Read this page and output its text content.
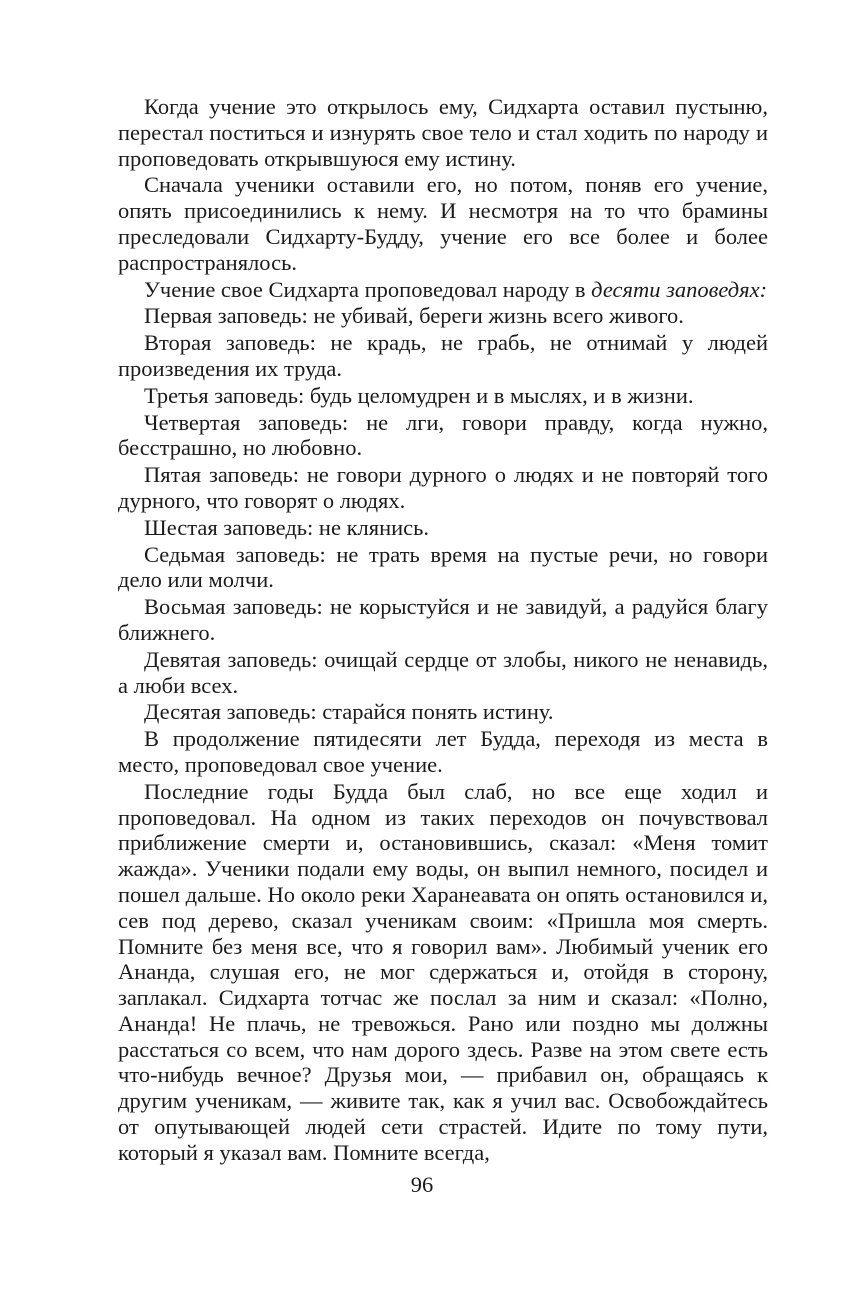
Когда учение это открылось ему, Сидхарта оставил пустыню, перестал поститься и изнурять свое тело и стал ходить по народу и проповедовать открывшуюся ему истину.

Сначала ученики оставили его, но потом, поняв его учение, опять присоединились к нему. И несмотря на то что брамины преследовали Сидхарту-Будду, учение его все более и более распространялось.

Учение свое Сидхарта проповедовал народу в десяти заповедях:

Первая заповедь: не убивай, береги жизнь всего живого.

Вторая заповедь: не крадь, не грабь, не отнимай у людей произведения их труда.

Третья заповедь: будь целомудрен и в мыслях, и в жизни.

Четвертая заповедь: не лги, говори правду, когда нужно, бесстрашно, но любовно.

Пятая заповедь: не говори дурного о людях и не повторяй того дурного, что говорят о людях.

Шестая заповедь: не клянись.

Седьмая заповедь: не трать время на пустые речи, но говори дело или молчи.

Восьмая заповедь: не корыстуйся и не завидуй, а радуйся благу ближнего.

Девятая заповедь: очищай сердце от злобы, никого не ненавидь, а люби всех.

Десятая заповедь: старайся понять истину.

В продолжение пятидесяти лет Будда, переходя из места в место, проповедовал свое учение.

Последние годы Будда был слаб, но все еще ходил и проповедовал. На одном из таких переходов он почувствовал приближение смерти и, остановившись, сказал: «Меня томит жажда». Ученики подали ему воды, он выпил немного, посидел и пошел дальше. Но около реки Харанеавата он опять остановился и, сев под дерево, сказал ученикам своим: «Пришла моя смерть. Помните без меня все, что я говорил вам». Любимый ученик его Ананда, слушая его, не мог сдержаться и, отойдя в сторону, заплакал. Сидхарта тотчас же послал за ним и сказал: «Полно, Ананда! Не плачь, не тревожься. Рано или поздно мы должны расстаться со всем, что нам дорого здесь. Разве на этом свете есть что-нибудь вечное? Друзья мои, — прибавил он, обращаясь к другим ученикам, — живите так, как я учил вас. Освобождайтесь от опутывающей людей сети страстей. Идите по тому пути, который я указал вам. Помните всегда,

96
